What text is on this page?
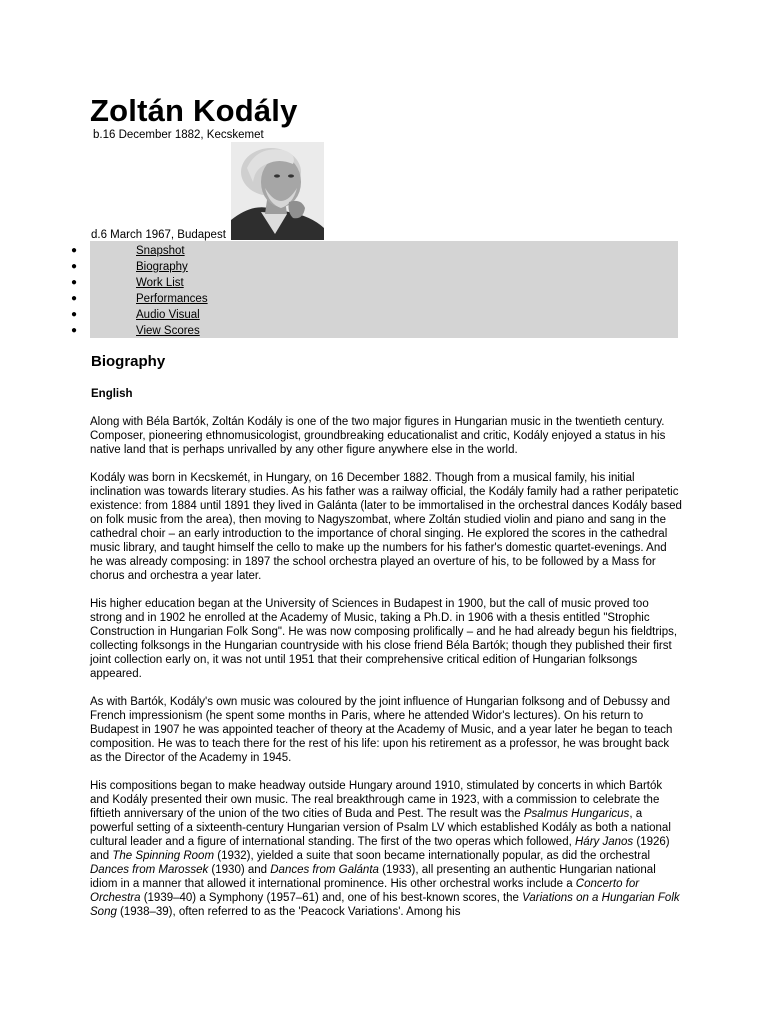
Zoltán Kodály
b.16 December 1882, Kecskemet
d.6 March 1967, Budapest
●	Snapshot
●	Biography
●	Work List
●	Performances
●	Audio Visual
●	View Scores
Biography
English

Along with Béla Bartók, Zoltán Kodály is one of the two major figures in Hungarian music in the twentieth century. Composer, pioneering ethnomusicologist, groundbreaking educationalist and critic, Kodály enjoyed a status in his native land that is perhaps unrivalled by any other figure anywhere else in the world.

Kodály was born in Kecskemét, in Hungary, on 16 December 1882. Though from a musical family, his initial inclination was towards literary studies. As his father was a railway official, the Kodály family had a rather peripatetic existence: from 1884 until 1891 they lived in Galánta (later to be immortalised in the orchestral dances Kodály based on folk music from the area), then moving to Nagyszombat, where Zoltán studied violin and piano and sang in the cathedral choir – an early introduction to the importance of choral singing. He explored the scores in the cathedral music library, and taught himself the cello to make up the numbers for his father's domestic quartet-evenings. And he was already composing: in 1897 the school orchestra played an overture of his, to be followed by a Mass for chorus and orchestra a year later.

His higher education began at the University of Sciences in Budapest in 1900, but the call of music proved too strong and in 1902 he enrolled at the Academy of Music, taking a Ph.D. in 1906 with a thesis entitled "Strophic Construction in Hungarian Folk Song". He was now composing prolifically – and he had already begun his fieldtrips, collecting folksongs in the Hungarian countryside with his close friend Béla Bartók; though they published their first joint collection early on, it was not until 1951 that their comprehensive critical edition of Hungarian folksongs appeared.

As with Bartók, Kodály's own music was coloured by the joint influence of Hungarian folksong and of Debussy and French impressionism (he spent some months in Paris, where he attended Widor's lectures). On his return to Budapest in 1907 he was appointed teacher of theory at the Academy of Music, and a year later he began to teach composition. He was to teach there for the rest of his life: upon his retirement as a professor, he was brought back as the Director of the Academy in 1945.

His compositions began to make headway outside Hungary around 1910, stimulated by concerts in which Bartók and Kodály presented their own music. The real breakthrough came in 1923, with a commission to celebrate the fiftieth anniversary of the union of the two cities of Buda and Pest. The result was the Psalmus Hungaricus, a powerful setting of a sixteenth-century Hungarian version of Psalm LV which established Kodály as both a national cultural leader and a figure of international standing. The first of the two operas which followed, Háry Janos (1926) and The Spinning Room (1932), yielded a suite that soon became internationally popular, as did the orchestral Dances from Marossek (1930) and Dances from Galánta (1933), all presenting an authentic Hungarian national idiom in a manner that allowed it international prominence. His other orchestral works include a Concerto for Orchestra (1939–40) a Symphony (1957–61) and, one of his best-known scores, the Variations on a Hungarian Folk Song (1938–39), often referred to as the 'Peacock Variations'. Among his
